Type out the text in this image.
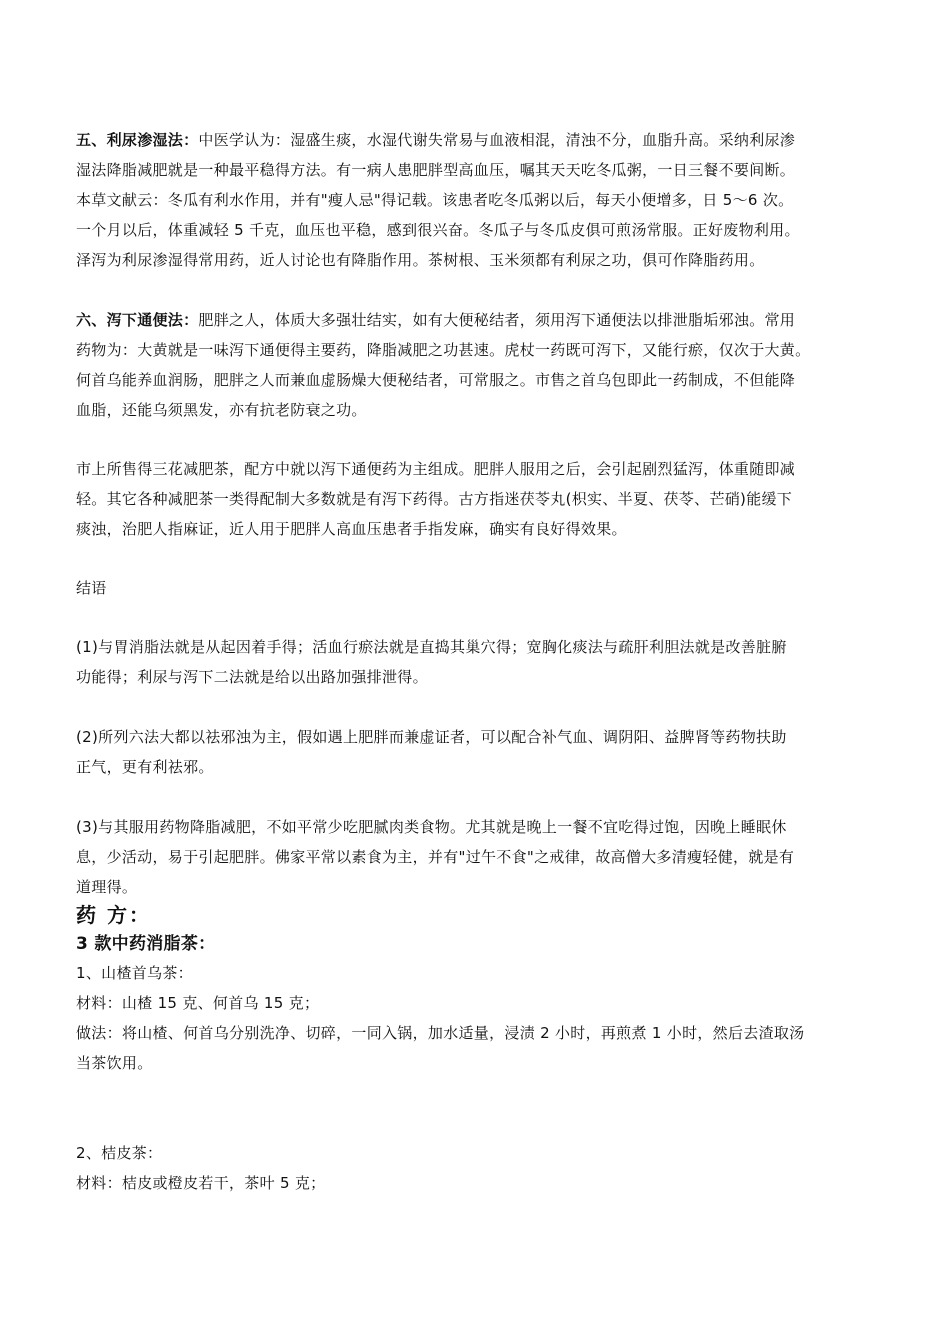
五、利尿渗湿法：中医学认为：湿盛生痰，水湿代谢失常易与血液相混，清浊不分，血脂升高。采纳利尿渗
湿法降脂减肥就是一种最平稳得方法。有一病人患肥胖型高血压，嘱其天天吃冬瓜粥，一日三餐不要间断。
本草文献云：冬瓜有利水作用，并有"瘦人忌"得记载。该患者吃冬瓜粥以后，每天小便增多，日 5～6 次。
一个月以后，体重减轻 5 千克，血压也平稳，感到很兴奋。冬瓜子与冬瓜皮俱可煎汤常服。正好废物利用。
泽泻为利尿渗湿得常用药，近人讨论也有降脂作用。茶树根、玉米须都有利尿之功，俱可作降脂药用。
六、泻下通便法：肥胖之人，体质大多强壮结实，如有大便秘结者，须用泻下通便法以排泄脂垢邪浊。常用
药物为：大黄就是一味泻下通便得主要药，降脂减肥之功甚速。虎杖一药既可泻下，又能行瘀，仅次于大黄。
何首乌能养血润肠，肥胖之人而兼血虚肠燥大便秘结者，可常服之。市售之首乌包即此一药制成，不但能降
血脂，还能乌须黑发，亦有抗老防衰之功。
市上所售得三花减肥茶，配方中就以泻下通便药为主组成。肥胖人服用之后，会引起剧烈猛泻，体重随即减
轻。其它各种减肥茶一类得配制大多数就是有泻下药得。古方指迷茯苓丸(枳实、半夏、茯苓、芒硝)能缓下
痰浊，治肥人指麻证，近人用于肥胖人高血压患者手指发麻，确实有良好得效果。
结语
(1)与胃消脂法就是从起因着手得；活血行瘀法就是直捣其巢穴得；宽胸化痰法与疏肝利胆法就是改善脏腑
功能得；利尿与泻下二法就是给以出路加强排泄得。
(2)所列六法大都以祛邪浊为主，假如遇上肥胖而兼虚证者，可以配合补气血、调阴阳、益脾肾等药物扶助
正气，更有利祛邪。
(3)与其服用药物降脂减肥，不如平常少吃肥腻肉类食物。尤其就是晚上一餐不宜吃得过饱，因晚上睡眠休
息，少活动，易于引起肥胖。佛家平常以素食为主，并有"过午不食"之戒律，故高僧大多清瘦轻健，就是有
道理得。
药 方：
3 款中药消脂茶：
1、山楂首乌茶：
材料：山楂 15 克、何首乌 15 克；
做法：将山楂、何首乌分别洗净、切碎，一同入锅，加水适量，浸渍 2 小时，再煎煮 1 小时，然后去渣取汤
当茶饮用。
2、桔皮茶：
材料：桔皮或橙皮若干，茶叶 5 克；
